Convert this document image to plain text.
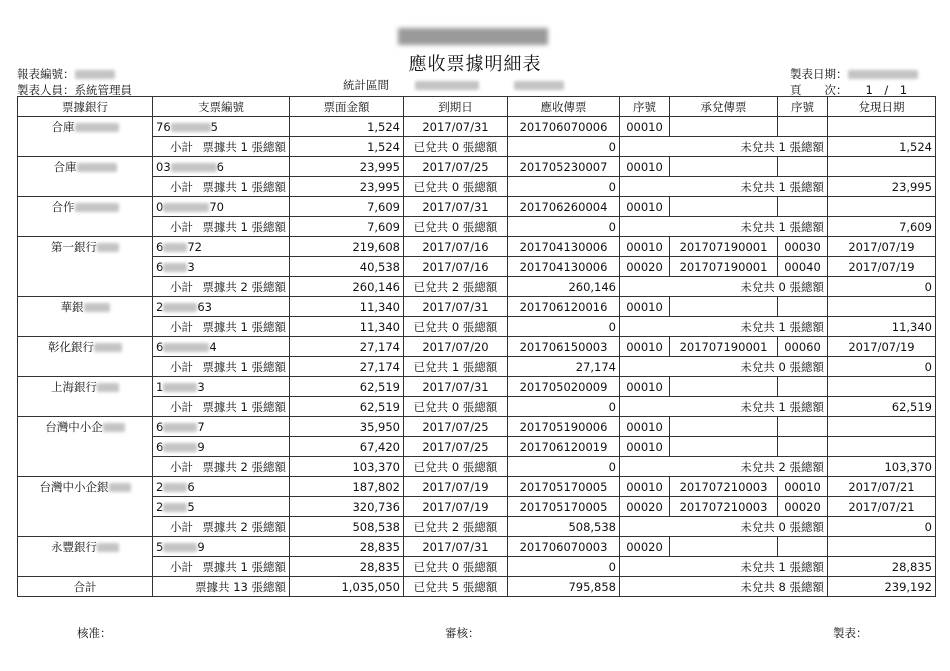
應收票據明細表
報表編號：
製表人員：系統管理員	統計區間
製表日期：
頁　　次： 1　/　1
票據銀行	支票編號	票面金額	到期日	應收傳票	序號	承兌傳票	序號	兌現日期
合庫	76 5	1,524	2017/07/31	201706070006	00010			

	小計 票據共 1 張總額	1,524	已兌共 0 張總額	0	未兌共 1 張總額			1,524
合庫	03 6	23,995	2017/07/25	201705230007	00010			

	小計 票據共 1 張總額	23,995	已兌共 0 張總額	0	未兌共 1 張總額			23,995
合作	0 70	7,609	2017/07/31	201706260004	00010			

	小計 票據共 1 張總額	7,609	已兌共 0 張總額	0	未兌共 1 張總額			7,609
第一銀行	6 72	219,608	2017/07/16	201704130006	00010	201707190001	00030	2017/07/19
	6 3	40,538	2017/07/16	201704130006	00020	201707190001	00040	2017/07/19

	小計 票據共 2 張總額	260,146	已兌共 2 張總額	260,146	未兌共 0 張總額			0
華銀	2 63	11,340	2017/07/31	201706120016	00010			

	小計 票據共 1 張總額	11,340	已兌共 0 張總額	0	未兌共 1 張總額			11,340
彰化銀行	6 4	27,174	2017/07/20	201706150003	00010	201707190001	00060	2017/07/19

	小計 票據共 1 張總額	27,174	已兌共 1 張總額	27,174	未兌共 0 張總額			0
上海銀行	1 3	62,519	2017/07/31	201705020009	00010			

	小計 票據共 1 張總額	62,519	已兌共 0 張總額	0	未兌共 1 張總額			62,519
台灣中小企	6 7	35,950	2017/07/25	201705190006	00010			
	6 9	67,420	2017/07/25	201706120019	00010			

	小計 票據共 2 張總額	103,370	已兌共 0 張總額	0	未兌共 2 張總額			103,370
台灣中小企銀	2 6	187,802	2017/07/19	201705170005	00010	201707210003	00010	2017/07/21
	2 5	320,736	2017/07/19	201705170005	00020	201707210003	00020	2017/07/21

	小計 票據共 2 張總額	508,538	已兌共 2 張總額	508,538	未兌共 0 張總額			0
永豐銀行	5 9	28,835	2017/07/31	201706070003	00020			

	小計 票據共 1 張總額	28,835	已兌共 0 張總額	0	未兌共 1 張總額			28,835
合計	票據共 13 張總額	1,035,050	已兌共 5 張總額	795,858	未兌共 8 張總額			239,192
核准：	審核：	製表：
